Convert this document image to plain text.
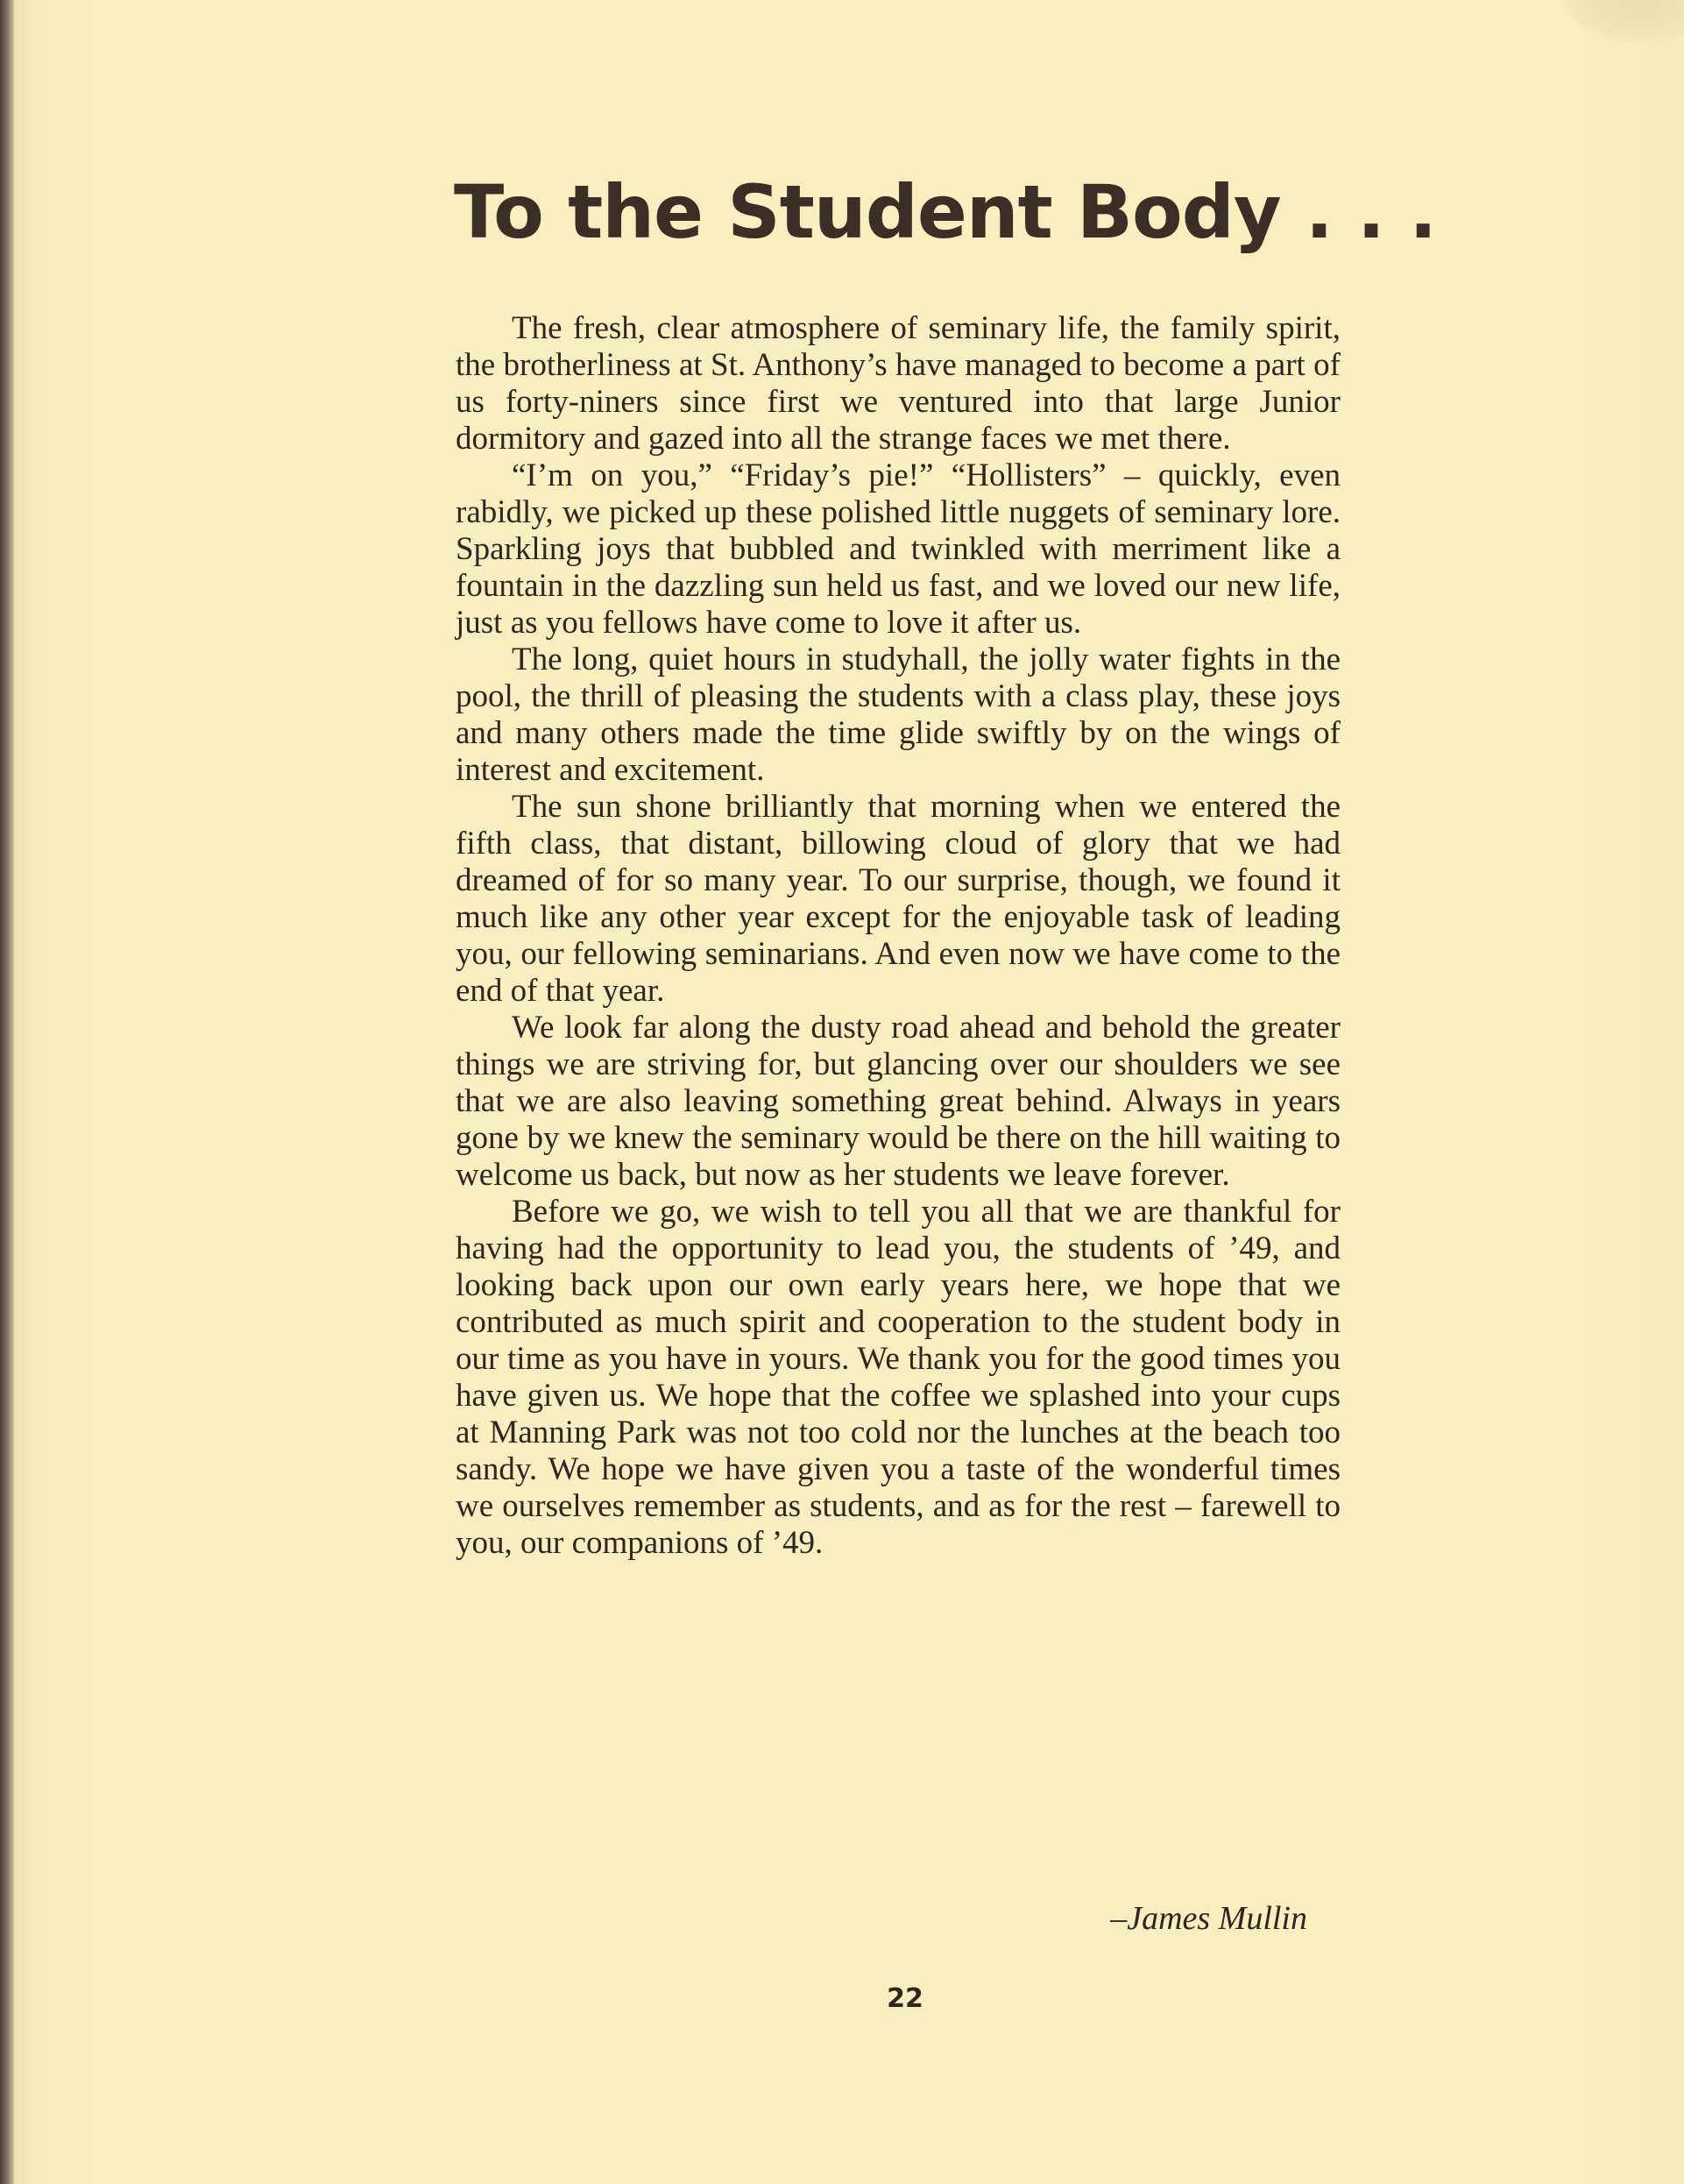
To the Student Body . . .

The fresh, clear atmosphere of seminary life, the family spirit, the brotherliness at St. Anthony’s have managed to become a part of us forty-niners since first we ventured into that large Junior dormitory and gazed into all the strange faces we met there.

“I’m on you,” “Friday’s pie!” “Hollisters” – quickly, even rabidly, we picked up these polished little nuggets of seminary lore. Sparkling joys that bubbled and twinkled with merriment like a fountain in the dazzling sun held us fast, and we loved our new life, just as you fellows have come to love it after us.

The long, quiet hours in studyhall, the jolly water fights in the pool, the thrill of pleasing the students with a class play, these joys and many others made the time glide swiftly by on the wings of interest and excitement.

The sun shone brilliantly that morning when we entered the fifth class, that distant, billowing cloud of glory that we had dreamed of for so many year. To our surprise, though, we found it much like any other year except for the enjoyable task of leading you, our fellowing seminarians. And even now we have come to the end of that year.

We look far along the dusty road ahead and behold the greater things we are striving for, but glancing over our shoulders we see that we are also leaving something great behind. Always in years gone by we knew the seminary would be there on the hill waiting to welcome us back, but now as her students we leave forever.

Before we go, we wish to tell you all that we are thankful for having had the opportunity to lead you, the students of ’49, and looking back upon our own early years here, we hope that we contributed as much spirit and cooperation to the student body in our time as you have in yours. We thank you for the good times you have given us. We hope that the coffee we splashed into your cups at Manning Park was not too cold nor the lunches at the beach too sandy. We hope we have given you a taste of the wonderful times we ourselves remember as students, and as for the rest – farewell to you, our companions of ’49.

–James Mullin
22
